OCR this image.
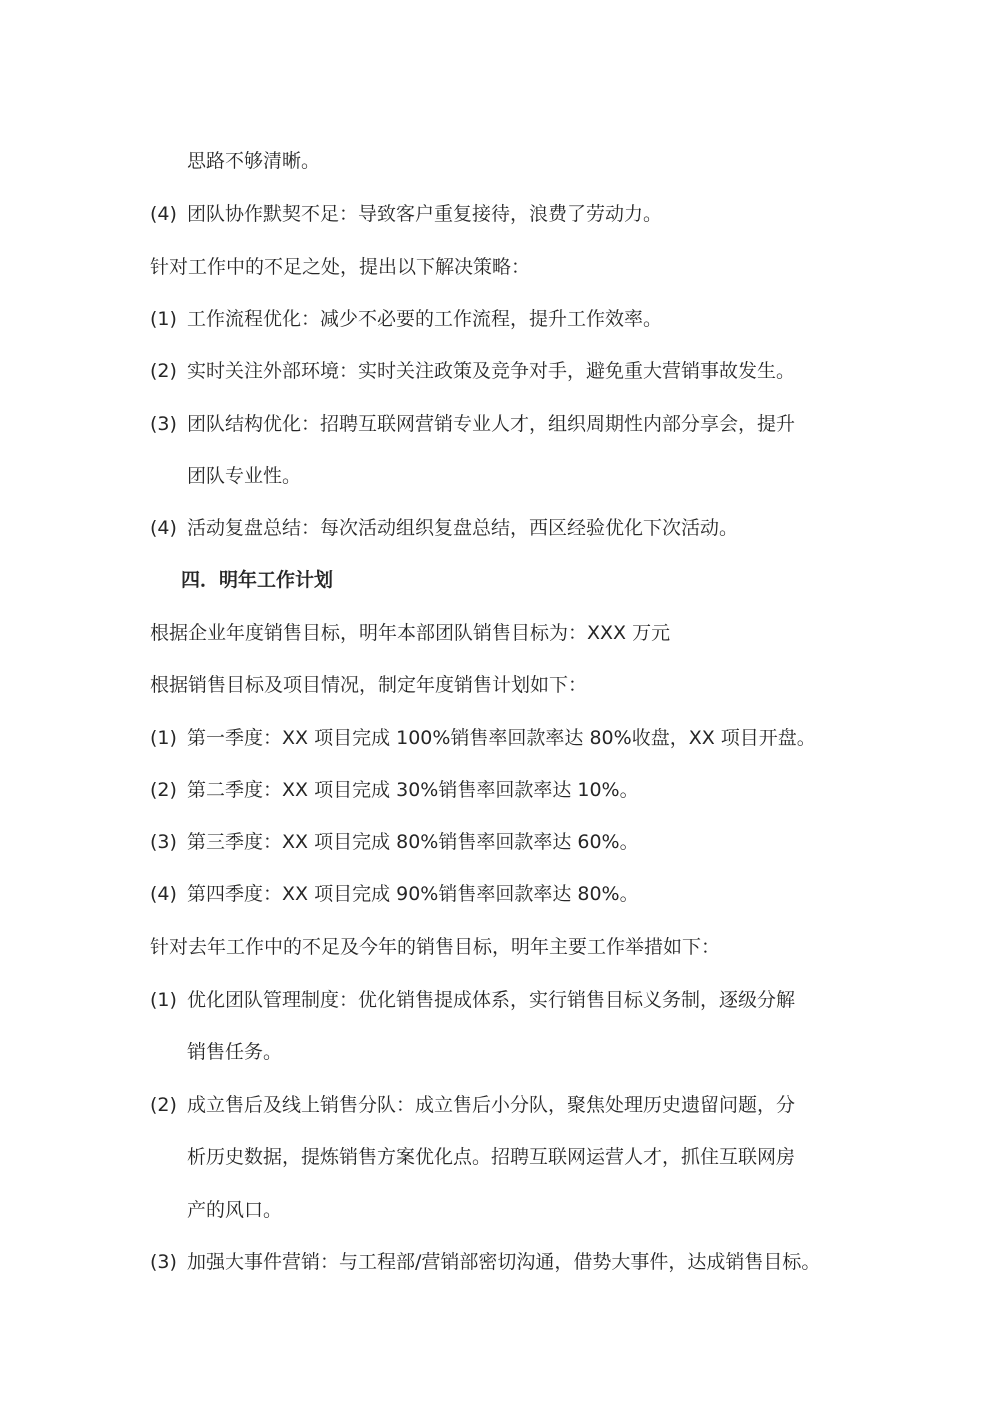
思路不够清晰。
(4) 团队协作默契不足：导致客户重复接待，浪费了劳动力。
针对工作中的不足之处，提出以下解决策略：
(1) 工作流程优化：减少不必要的工作流程，提升工作效率。
(2) 实时关注外部环境：实时关注政策及竞争对手，避免重大营销事故发生。
(3) 团队结构优化：招聘互联网营销专业人才，组织周期性内部分享会，提升
团队专业性。
(4) 活动复盘总结：每次活动组织复盘总结，西区经验优化下次活动。
四．明年工作计划
根据企业年度销售目标，明年本部团队销售目标为：XXX 万元
根据销售目标及项目情况，制定年度销售计划如下：
(1) 第一季度：XX 项目完成 100%销售率回款率达 80%收盘，XX 项目开盘。
(2) 第二季度：XX 项目完成 30%销售率回款率达 10%。
(3) 第三季度：XX 项目完成 80%销售率回款率达 60%。
(4) 第四季度：XX 项目完成 90%销售率回款率达 80%。
针对去年工作中的不足及今年的销售目标，明年主要工作举措如下：
(1) 优化团队管理制度：优化销售提成体系，实行销售目标义务制，逐级分解
销售任务。
(2) 成立售后及线上销售分队：成立售后小分队，聚焦处理历史遗留问题，分
析历史数据，提炼销售方案优化点。招聘互联网运营人才，抓住互联网房
产的风口。
(3) 加强大事件营销：与工程部/营销部密切沟通，借势大事件，达成销售目标。
